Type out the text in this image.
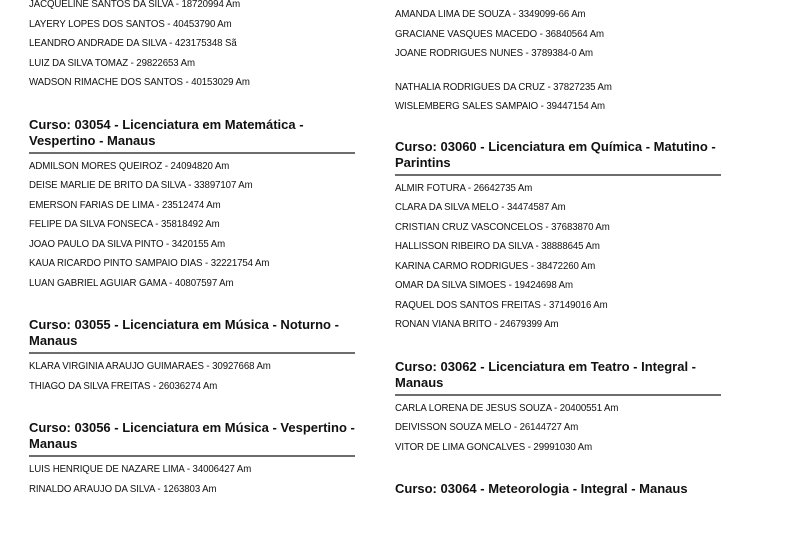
JACQUELINE SANTOS DA SILVA - 18720994 Am
LAYERY LOPES DOS SANTOS - 40453790 Am
LEANDRO ANDRADE DA SILVA - 423175348 Sã
LUIZ DA SILVA TOMAZ - 29822653 Am
WADSON RIMACHE DOS SANTOS - 40153029 Am
Curso: 03054 - Licenciatura em Matemática - Vespertino - Manaus
ADMILSON MORES QUEIROZ - 24094820 Am
DEISE MARLIE DE BRITO DA SILVA - 33897107 Am
EMERSON FARIAS DE LIMA - 23512474 Am
FELIPE DA SILVA FONSECA - 35818492 Am
JOAO PAULO DA SILVA PINTO - 3420155 Am
KAUA RICARDO PINTO SAMPAIO DIAS - 32221754 Am
LUAN GABRIEL AGUIAR GAMA - 40807597 Am
Curso: 03055 - Licenciatura em Música - Noturno - Manaus
KLARA VIRGINIA ARAUJO GUIMARAES - 30927668 Am
THIAGO DA SILVA FREITAS - 26036274 Am
Curso: 03056 - Licenciatura em Música - Vespertino - Manaus
LUIS HENRIQUE DE NAZARE LIMA - 34006427 Am
RINALDO ARAUJO DA SILVA - 1263803 Am
AMANDA LIMA DE SOUZA - 3349099-66 Am
GRACIANE VASQUES MACEDO - 36840564 Am
JOANE RODRIGUES NUNES - 3789384-0 Am
NATHALIA RODRIGUES DA CRUZ - 37827235 Am
WISLEMBERG SALES SAMPAIO - 39447154 Am
Curso: 03060 - Licenciatura em Química - Matutino - Parintins
ALMIR FOTURA - 26642735 Am
CLARA DA SILVA MELO - 34474587 Am
CRISTIAN CRUZ VASCONCELOS - 37683870 Am
HALLISSON RIBEIRO DA SILVA - 38888645 Am
KARINA CARMO RODRIGUES - 38472260 Am
OMAR DA SILVA SIMOES - 19424698 Am
RAQUEL DOS SANTOS FREITAS - 37149016 Am
RONAN VIANA BRITO - 24679399 Am
Curso: 03062 - Licenciatura em Teatro - Integral - Manaus
CARLA LORENA DE JESUS SOUZA - 20400551 Am
DEIVISSON SOUZA MELO - 26144727 Am
VITOR DE LIMA GONCALVES - 29991030 Am
Curso: 03064 - Meteorologia - Integral - Manaus
